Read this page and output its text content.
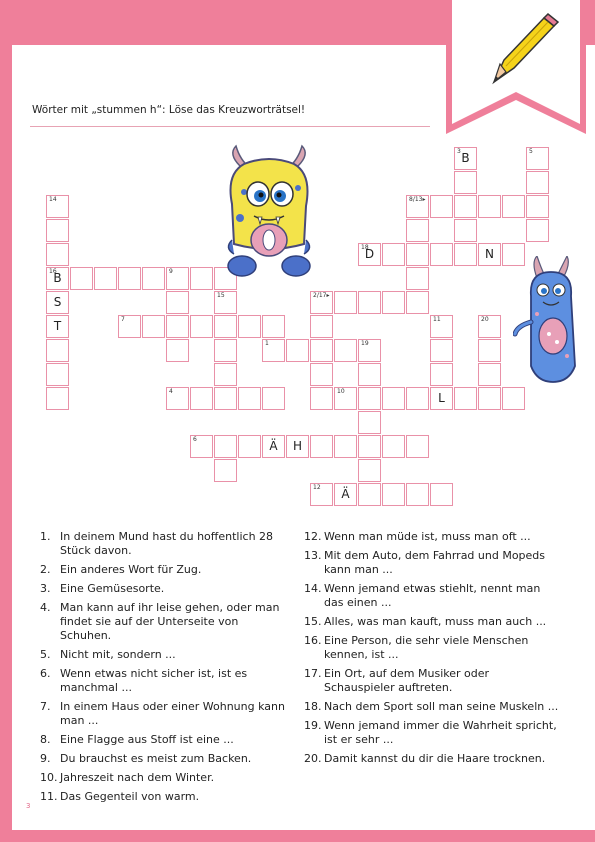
Wörter mit „stummen h“: Löse das Kreuzworträtsel!
3 B	5
14
16
B
S
T
8/13▸
18
D	N
9
15	2/17▸
7	11
L
20
1	19
4	10
6	Ä	H
12	Ä
1. In deinem Mund hast du hoffentlich 28 Stück davon.
2. Ein anderes Wort für Zug.
3. Eine Gemüsesorte.
4. Man kann auf ihr leise gehen, oder man findet sie auf der Unterseite von Schuhen.
5. Nicht mit, sondern ...
6. Wenn etwas nicht sicher ist, ist es manchmal ...
7. In einem Haus oder einer Wohnung kann man ...
8. Eine Flagge aus Stoff ist eine ...
9. Du brauchst es meist zum Backen.
10. Jahreszeit nach dem Winter.
11. Das Gegenteil von warm.
12. Wenn man müde ist, muss man oft ...
13. Mit dem Auto, dem Fahrrad und Mopeds kann man ...
14. Wenn jemand etwas stiehlt, nennt man das einen ...
15. Alles, was man kauft, muss man auch ...
16. Eine Person, die sehr viele Menschen kennen, ist ...
17. Ein Ort, auf dem Musiker oder Schauspieler auftreten.
18. Nach dem Sport soll man seine Muskeln ...
19. Wenn jemand immer die Wahrheit spricht, ist er sehr ...
20. Damit kannst du dir die Haare trocknen.
3
